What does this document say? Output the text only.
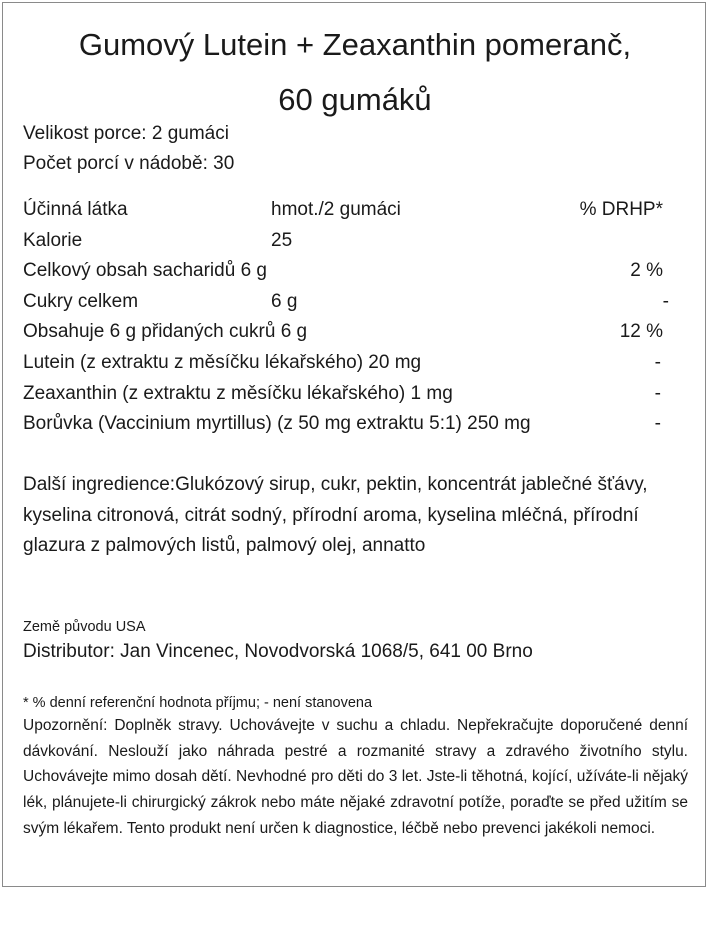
Gumový Lutein + Zeaxanthin pomeranč,
60 gumáků
Velikost porce: 2 gumáci
Počet porcí v nádobě: 30
Účinná látka	hmot./2 gumáci	% DRHP*
Kalorie	25
Celkový obsah sacharidů 6 g	2 %
Cukry celkem	6 g	-
Obsahuje 6 g přidaných cukrů 6 g	12 %
Lutein (z extraktu z měsíčku lékařského) 20 mg	-
Zeaxanthin (z extraktu z měsíčku lékařského) 1 mg	-
Borůvka (Vaccinium myrtillus) (z 50 mg extraktu 5:1) 250 mg	-
Další ingredience:Glukózový sirup, cukr, pektin, koncentrát jablečné šťávy, kyselina citronová, citrát sodný, přírodní aroma, kyselina mléčná, přírodní glazura z palmových listů, palmový olej, annatto
Země původu USA
Distributor: Jan Vincenec, Novodvorská 1068/5, 641 00 Brno
* % denní referenční hodnota příjmu; - není stanovena
Upozornění: Doplněk stravy. Uchovávejte v suchu a chladu. Nepřekračujte doporučené denní dávkování. Neslouží jako náhrada pestré a rozmanité stravy a zdravého životního stylu. Uchovávejte mimo dosah dětí. Nevhodné pro děti do 3 let. Jste-li těhotná, kojící, užíváte-li nějaký lék, plánujete-li chirurgický zákrok nebo máte nějaké zdravotní potíže, poraďte se před užitím se svým lékařem. Tento produkt není určen k diagnostice, léčbě nebo prevenci jakékoli nemoci.
